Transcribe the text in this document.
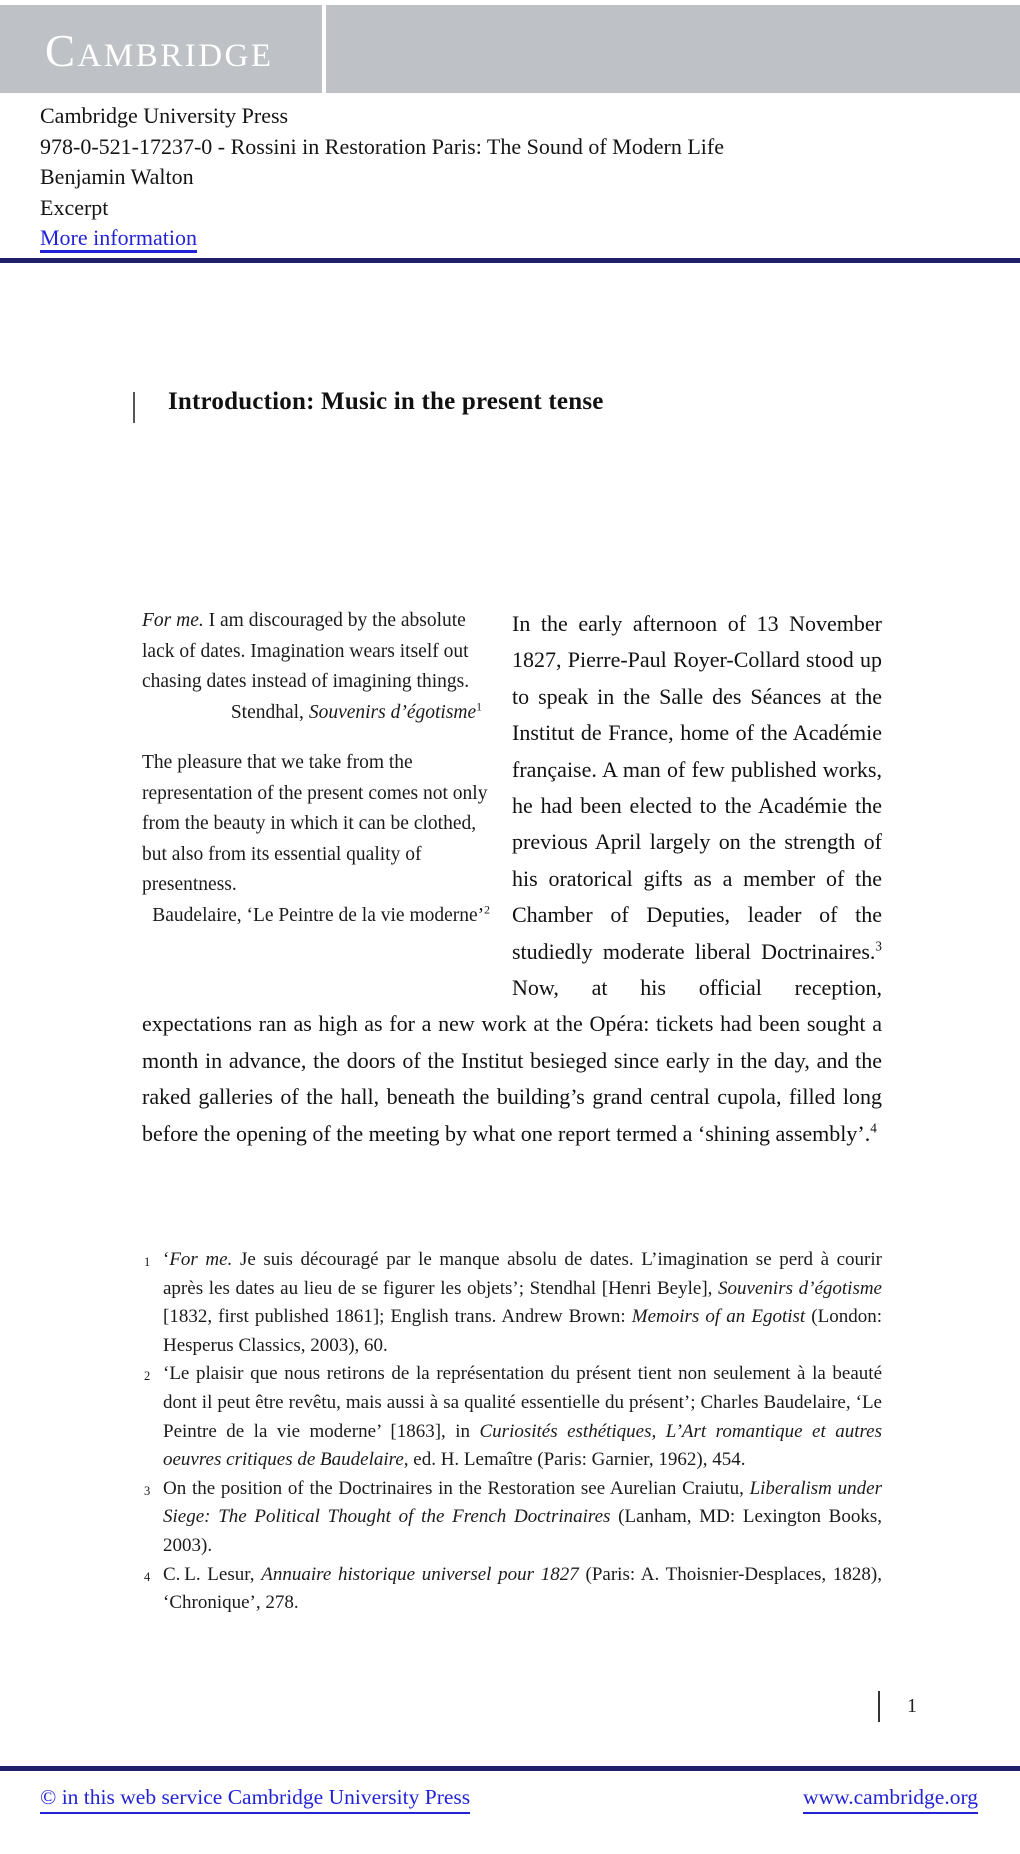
CAMBRIDGE
Cambridge University Press
978-0-521-17237-0 - Rossini in Restoration Paris: The Sound of Modern Life
Benjamin Walton
Excerpt
More information
Introduction: Music in the present tense
For me. I am discouraged by the absolute lack of dates. Imagination wears itself out chasing dates instead of imagining things.
Stendhal, Souvenirs d’égotisme$^1$
The pleasure that we take from the representation of the present comes not only from the beauty in which it can be clothed, but also from its essential quality of presentness.
Baudelaire, ‘Le Peintre de la vie moderne’$^2$

In the early afternoon of 13 November 1827, Pierre-Paul Royer-Collard stood up to speak in the Salle des Séances at the Institut de France, home of the Académie française. A man of few published works, he had been elected to the Académie the previous April largely on the strength of his oratorical gifts as a member of the Chamber of Deputies, leader of the studiedly moderate liberal Doctrinaires.$^3$ Now, at his official reception, expectations ran as high as for a new work at the Opéra: tickets had been sought a month in advance, the doors of the Institut besieged since early in the day, and the raked galleries of the hall, beneath the building’s grand central cupola, filled long before the opening of the meeting by what one report termed a ‘shining assembly’.$^4$

1 ‘For me. Je suis découragé par le manque absolu de dates. L’imagination se perd à courir après les dates au lieu de se figurer les objets’; Stendhal [Henri Beyle], Souvenirs d’égotisme [1832, first published 1861]; English trans. Andrew Brown: Memoirs of an Egotist (London: Hesperus Classics, 2003), 60.
2 ‘Le plaisir que nous retirons de la représentation du présent tient non seulement à la beauté dont il peut être revêtu, mais aussi à sa qualité essentielle du présent’; Charles Baudelaire, ‘Le Peintre de la vie moderne’ [1863], in Curiosités esthétiques, L’Art romantique et autres oeuvres critiques de Baudelaire, ed. H. Lemaître (Paris: Garnier, 1962), 454.
3 On the position of the Doctrinaires in the Restoration see Aurelian Craiutu, Liberalism under Siege: The Political Thought of the French Doctrinaires (Lanham, MD: Lexington Books, 2003).
4 C. L. Lesur, Annuaire historique universel pour 1827 (Paris: A. Thoisnier-Desplaces, 1828), ‘Chronique’, 278.
1
© in this web service Cambridge University Press	www.cambridge.org
